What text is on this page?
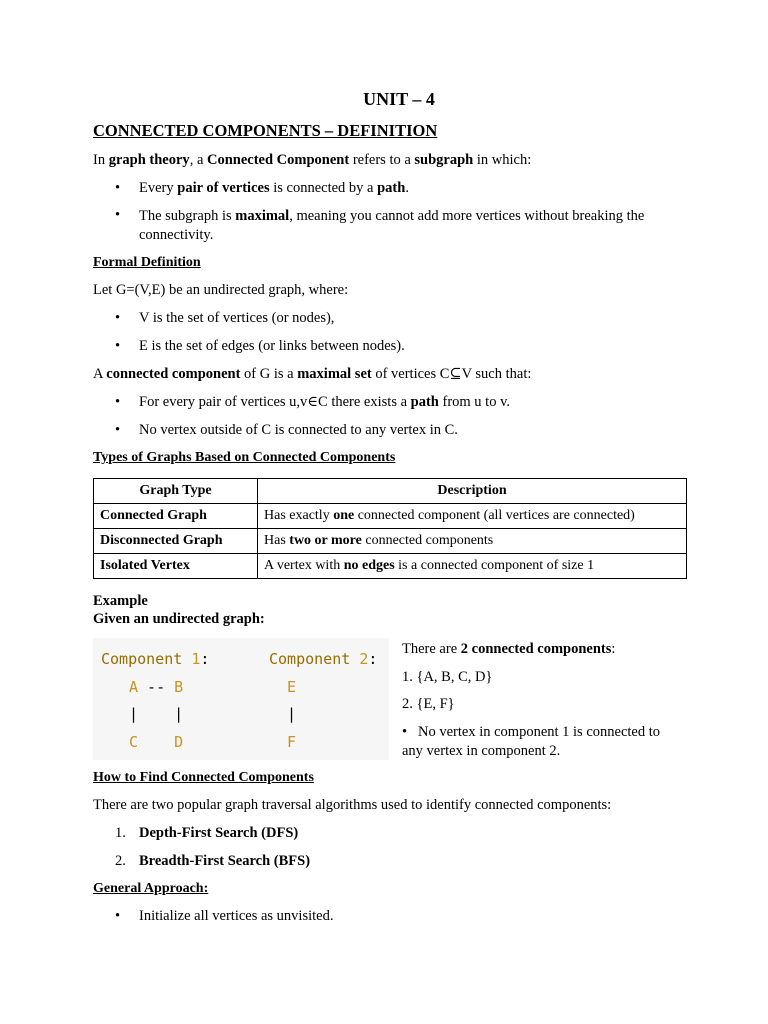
UNIT – 4
CONNECTED COMPONENTS – DEFINITION
In graph theory, a Connected Component refers to a subgraph in which:
• Every pair of vertices is connected by a path.
•	The subgraph is maximal, meaning you cannot add more vertices without breaking the connectivity.
Formal Definition
Let G=(V,E) be an undirected graph, where:
• V is the set of vertices (or nodes),
• E is the set of edges (or links between nodes).
A connected component of G is a maximal set of vertices C⊆V such that:
• For every pair of vertices u,v∈C there exists a path from u to v.
• No vertex outside of C is connected to any vertex in C.
Types of Graphs Based on Connected Components
Graph Type	Description
Connected Graph	Has exactly one connected component (all vertices are connected)
Disconnected Graph	Has two or more connected components
Isolated Vertex	A vertex with no edges is a connected component of size 1
Example
Given an undirected graph:
Component 1:	Component 2:
A -- B	E
|    |	|
C    D	F
There are 2 connected components:
1. {A, B, C, D}
2. {E, F}
• No vertex in component 1 is connected to any vertex in component 2.
How to Find Connected Components
There are two popular graph traversal algorithms used to identify connected components:
1. Depth-First Search (DFS)
2. Breadth-First Search (BFS)
General Approach:
• Initialize all vertices as unvisited.
